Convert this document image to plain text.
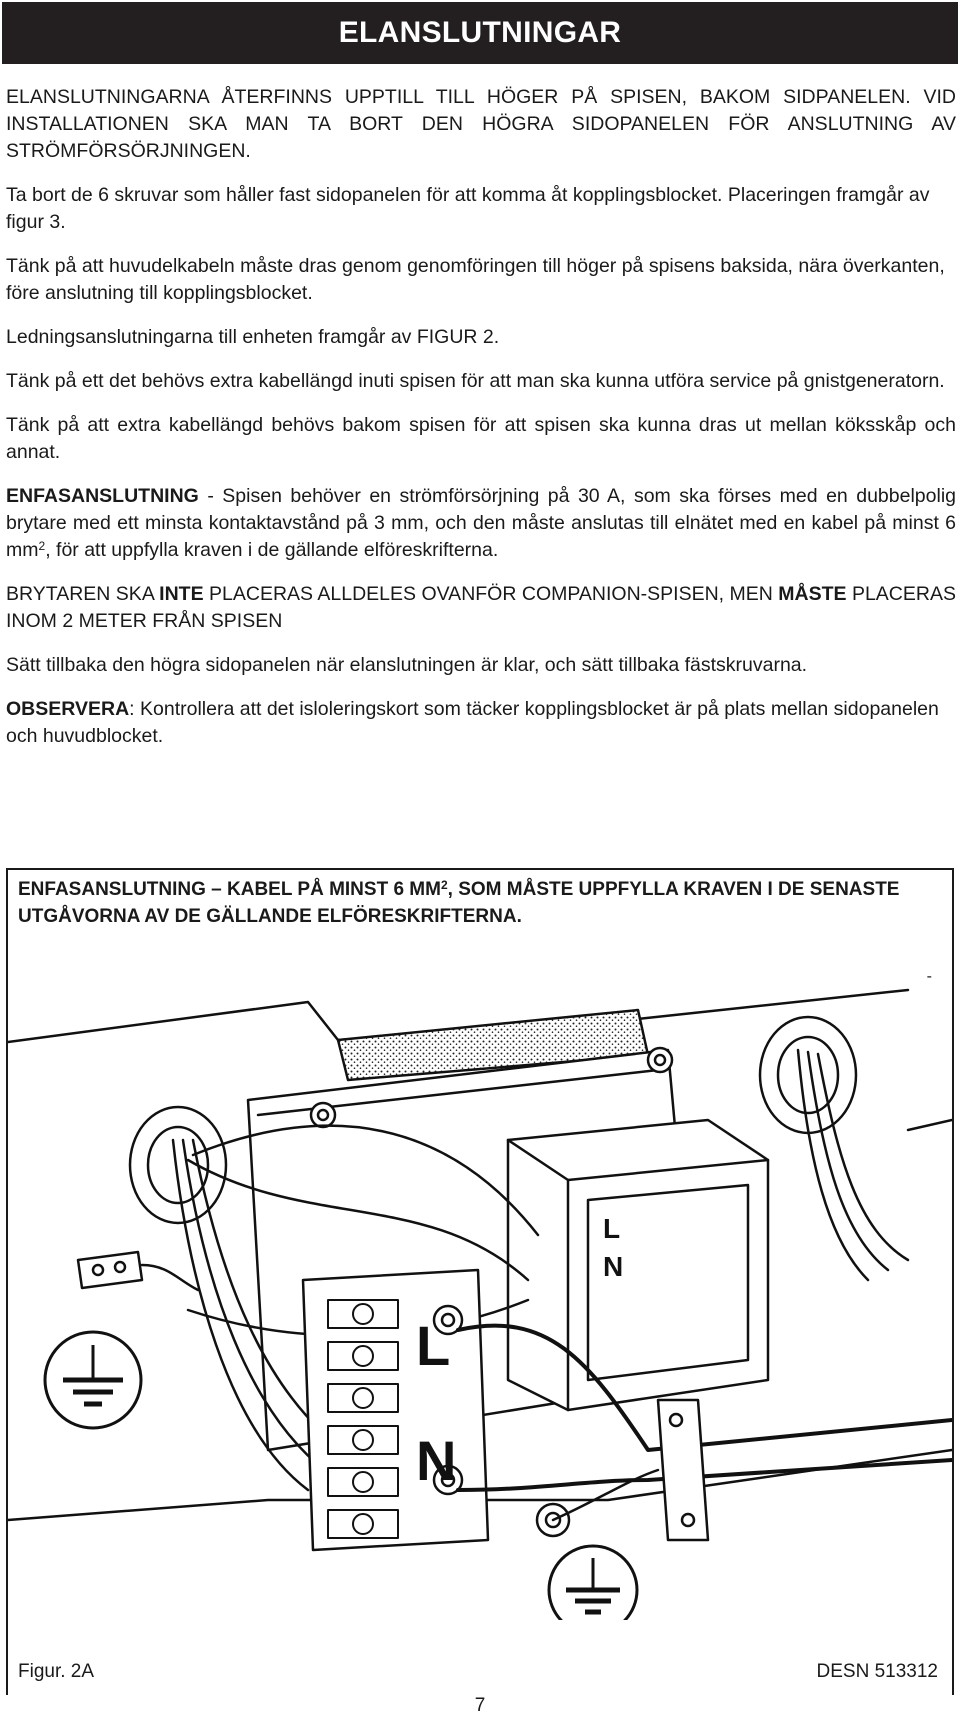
ELANSLUTNINGAR

ELANSLUTNINGARNA ÅTERFINNS UPPTILL TILL HÖGER PÅ SPISEN, BAKOM SIDPANELEN. VID INSTALLATIONEN SKA MAN TA BORT DEN HÖGRA SIDOPANELEN FÖR ANSLUTNING AV STRÖMFÖRSÖRJNINGEN.

Ta bort de 6 skruvar som håller fast sidopanelen för att komma åt kopplingsblocket. Placeringen framgår av figur 3.

Tänk på att huvudelkabeln måste dras genom genomföringen till höger på spisens baksida, nära överkanten, före anslutning till kopplingsblocket.

Ledningsanslutningarna till enheten framgår av FIGUR 2.

Tänk på ett det behövs extra kabellängd inuti spisen för att man ska kunna utföra service på gnistgeneratorn.

Tänk på att extra kabellängd behövs bakom spisen för att spisen ska kunna dras ut mellan köksskåp och annat.

ENFASANSLUTNING - Spisen behöver en strömförsörjning på 30 A, som ska förses med en dubbelpolig brytare med ett minsta kontaktavstånd på 3 mm, och den måste anslutas till elnätet med en kabel på minst 6 $mm^2$, för att uppfylla kraven i de gällande elföreskrifterna.

BRYTAREN SKA INTE PLACERAS ALLDELES OVANFÖR COMPANION-SPISEN, MEN MÅSTE PLACERAS INOM 2 METER FRÅN SPISEN

Sätt tillbaka den högra sidopanelen när elanslutningen är klar, och sätt tillbaka fästskruvarna.

OBSERVERA: Kontrollera att det isloleringskort som täcker kopplingsblocket är på plats mellan sidopanelen och huvudblocket.

ENFASANSLUTNING – KABEL PÅ MINST 6 $MM^2$, SOM MÅSTE UPPFYLLA KRAVEN I DE SENASTE UTGÅVORNA AV DE GÄLLANDE ELFÖRESKRIFTERNA.
-
L
N
L
N
Figur. 2A	DESN 513312
7
